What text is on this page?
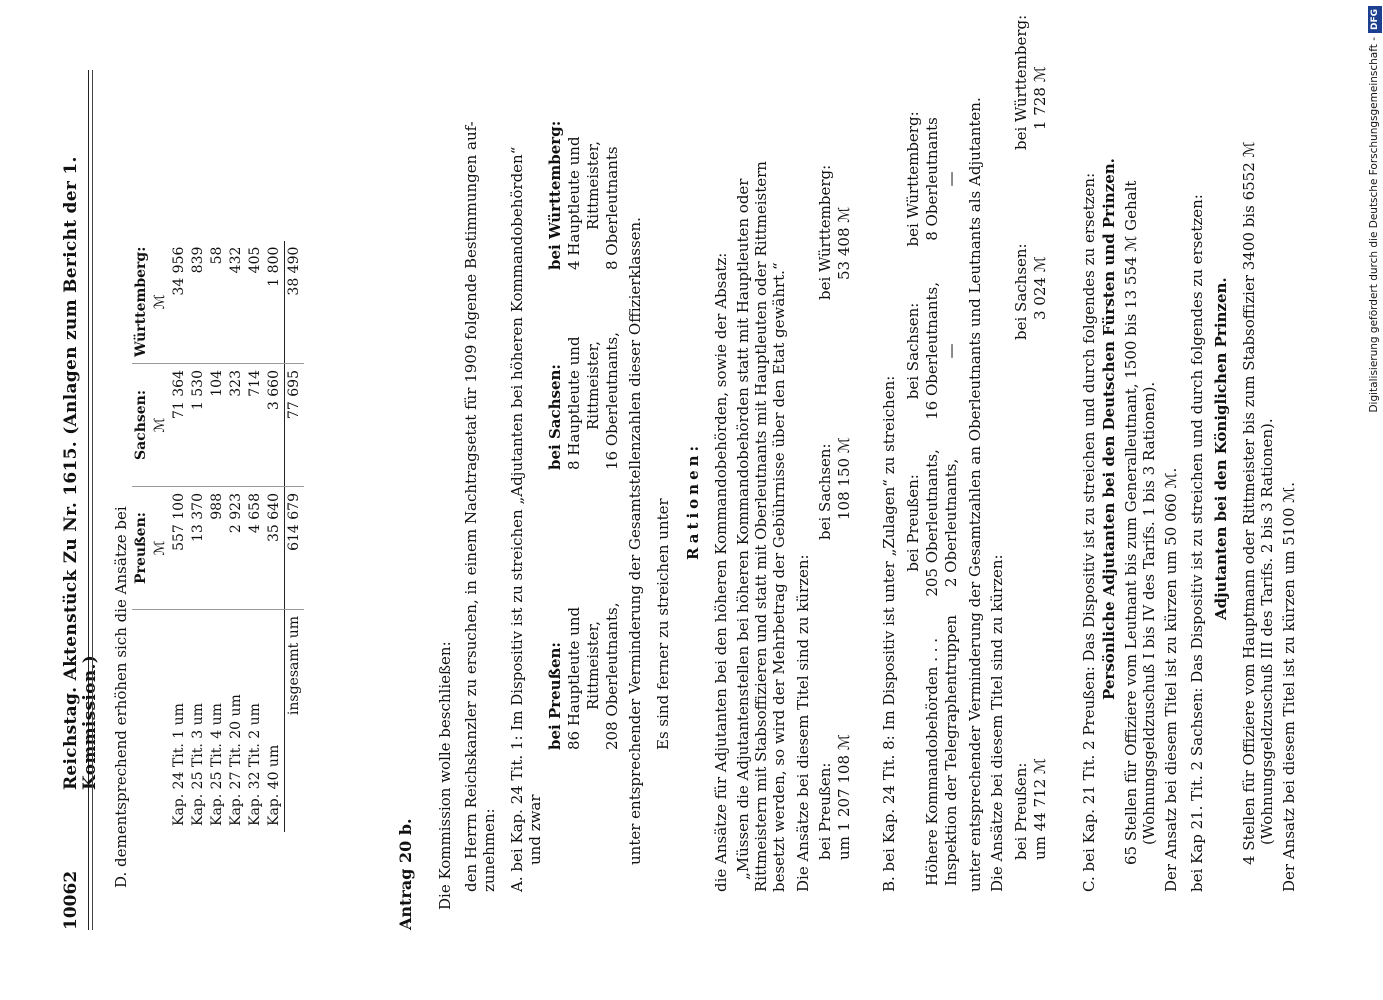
10062
Reichstag. Aktenstück Zu Nr. 1615. (Anlagen zum Bericht der 1. Kommission.) D. dementsprechend erhöhen sich die Ansätze bei
	Preußen:	Sachsen:	Württemberg:
	ℳ	ℳ	ℳ
Kap. 24 Tit. 1 um	557 100	71 364	34 956
Kap. 25 Tit. 3 um	13 370	1 530	839
Kap. 25 Tit. 4 um	988	104	58
Kap. 27 Tit. 20 um	2 923	323	432
Kap. 32 Tit. 2 um	4 658	714	405
Kap. 40 um	35 640	3 660	1 800
insgesamt um	614 679	77 695	38 490
Antrag 20 b. Die Kommission wolle beschließen: den Herrn Reichskanzler zu ersuchen, in einem Nachtragsetat für 1909 folgende Bestimmungen auf- zunehmen: A. bei Kap. 24 Tit. 1: Im Dispositiv ist zu streichen „Adjutanten bei höheren Kommandobehörden“ und zwar
bei Preußen: 86 Hauptleute und Rittmeister, 208 Oberleutnants,
bei Sachsen: 8 Hauptleute und Rittmeister, 16 Oberleutnants,
bei Württemberg: 4 Hauptleute und Rittmeister, 8 Oberleutnants
unter entsprechender Verminderung der Gesamtstellenzahlen dieser Offizierklassen. Es sind ferner zu streichen unter Rationen: die Ansätze für Adjutanten bei den höheren Kommandobehörden, sowie der Absatz: „Müssen die Adjutantenstellen bei höheren Kommandobehörden statt mit Hauptleuten oder Rittmeistern mit Stabsoffizieren und statt mit Oberleutnants mit Hauptleuten oder Rittmeistern besetzt werden, so wird der Mehrbetrag der Gebührnisse über den Etat gewährt.“ Die Ansätze bei diesem Titel sind zu kürzen: bei Preußen: um 1 207 108 ℳ
bei Sachsen: 108 150 ℳ
bei Württemberg: 53 408 ℳ
B. bei Kap. 24 Tit. 8: Im Dispositiv ist unter „Zulagen“ zu streichen:
	bei Preußen:	bei Sachsen:	bei Württemberg:
Höhere Kommandobehörden . . .	205 Oberleutnants,	16 Oberleutnants,	8 Oberleutnants
Inspektion der Telegraphentruppen	2 Oberleutnants,	—	— unter entsprechender Verminderung der Gesamtzahlen an Oberleutnants und Leutnants als Adjutanten. Die Ansätze bei diesem Titel sind zu kürzen: bei Preußen: um 44 712 ℳ
bei Sachsen: 3 024 ℳ
bei Württemberg: 1 728 ℳ
C. bei Kap. 21 Tit. 2 Preußen: Das Dispositiv ist zu streichen und durch folgendes zu ersetzen: Persönliche Adjutanten bei den Deutschen Fürsten und Prinzen. 65 Stellen für Offiziere vom Leutnant bis zum Generalleutnant, 1500 bis 13 554 ℳ Gehalt (Wohnungsgeldzuschuß I bis IV des Tarifs. 1 bis 3 Rationen). Der Ansatz bei diesem Titel ist zu kürzen um 50 060 ℳ. bei Kap 21. Tit. 2 Sachsen: Das Dispositiv ist zu streichen und durch folgendes zu ersetzen: Adjutanten bei den Königlichen Prinzen. 4 Stellen für Offiziere vom Hauptmann oder Rittmeister bis zum Stabsoffizier 3400 bis 6552 ℳ (Wohnungsgeldzuschuß III des Tarifs. 2 bis 3 Rationen). Der Ansatz bei diesem Titel ist zu kürzen um 5100 ℳ.
Digitalisierung gefördert durch die Deutsche Forschungsgemeinschaft -DFG
